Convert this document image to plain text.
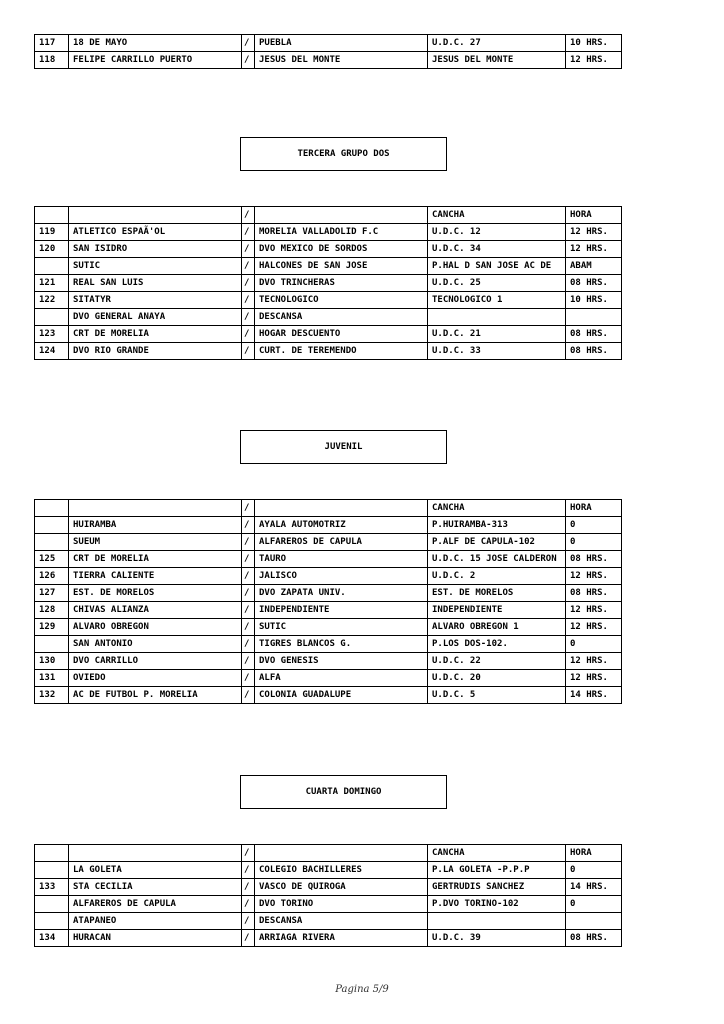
117	18 DE MAYO	/	PUEBLA	U.D.C. 27	10 HRS.
118	FELIPE CARRILLO PUERTO	/	JESUS DEL MONTE	JESUS DEL MONTE	12 HRS.
TERCERA GRUPO DOS
		/		CANCHA	HORA
119	ATLETICO ESPAÃ'OL	/	MORELIA VALLADOLID F.C	U.D.C. 12	12 HRS.
120	SAN ISIDRO	/	DVO MEXICO DE SORDOS	U.D.C. 34	12 HRS.
	SUTIC	/	HALCONES DE SAN JOSE	P.HAL D SAN JOSE AC DE	ABAM
121	REAL SAN LUIS	/	DVO TRINCHERAS	U.D.C. 25	08 HRS.
122	SITATYR	/	TECNOLOGICO	TECNOLOGICO 1	10 HRS.
	DVO GENERAL ANAYA	/	DESCANSA		
123	CRT DE MORELIA	/	HOGAR DESCUENTO	U.D.C. 21	08 HRS.
124	DVO RIO GRANDE	/	CURT. DE TEREMENDO	U.D.C. 33	08 HRS.
JUVENIL
		/		CANCHA	HORA
	HUIRAMBA	/	AYALA AUTOMOTRIZ	P.HUIRAMBA-313	0
	SUEUM	/	ALFAREROS DE CAPULA	P.ALF DE CAPULA-102	0
125	CRT DE MORELIA	/	TAURO	U.D.C. 15 JOSE CALDERON	08 HRS.
126	TIERRA CALIENTE	/	JALISCO	U.D.C. 2	12 HRS.
127	EST. DE MORELOS	/	DVO ZAPATA UNIV.	EST. DE MORELOS	08 HRS.
128	CHIVAS ALIANZA	/	INDEPENDIENTE	INDEPENDIENTE	12 HRS.
129	ALVARO OBREGON	/	SUTIC	ALVARO OBREGON 1	12 HRS.
	SAN ANTONIO	/	TIGRES BLANCOS G.	P.LOS DOS-102.	0
130	DVO CARRILLO	/	DVO GENESIS	U.D.C. 22	12 HRS.
131	OVIEDO	/	ALFA	U.D.C. 20	12 HRS.
132	AC DE FUTBOL P. MORELIA	/	COLONIA GUADALUPE	U.D.C. 5	14 HRS.
CUARTA DOMINGO
		/		CANCHA	HORA
	LA GOLETA	/	COLEGIO BACHILLERES	P.LA GOLETA -P.P.P	0
133	STA CECILIA	/	VASCO DE QUIROGA	GERTRUDIS SANCHEZ	14 HRS.
	ALFAREROS DE CAPULA	/	DVO TORINO	P.DVO TORINO-102	0
	ATAPANEO	/	DESCANSA		
134	HURACAN	/	ARRIAGA RIVERA	U.D.C. 39	08 HRS.
Pagina 5/9
